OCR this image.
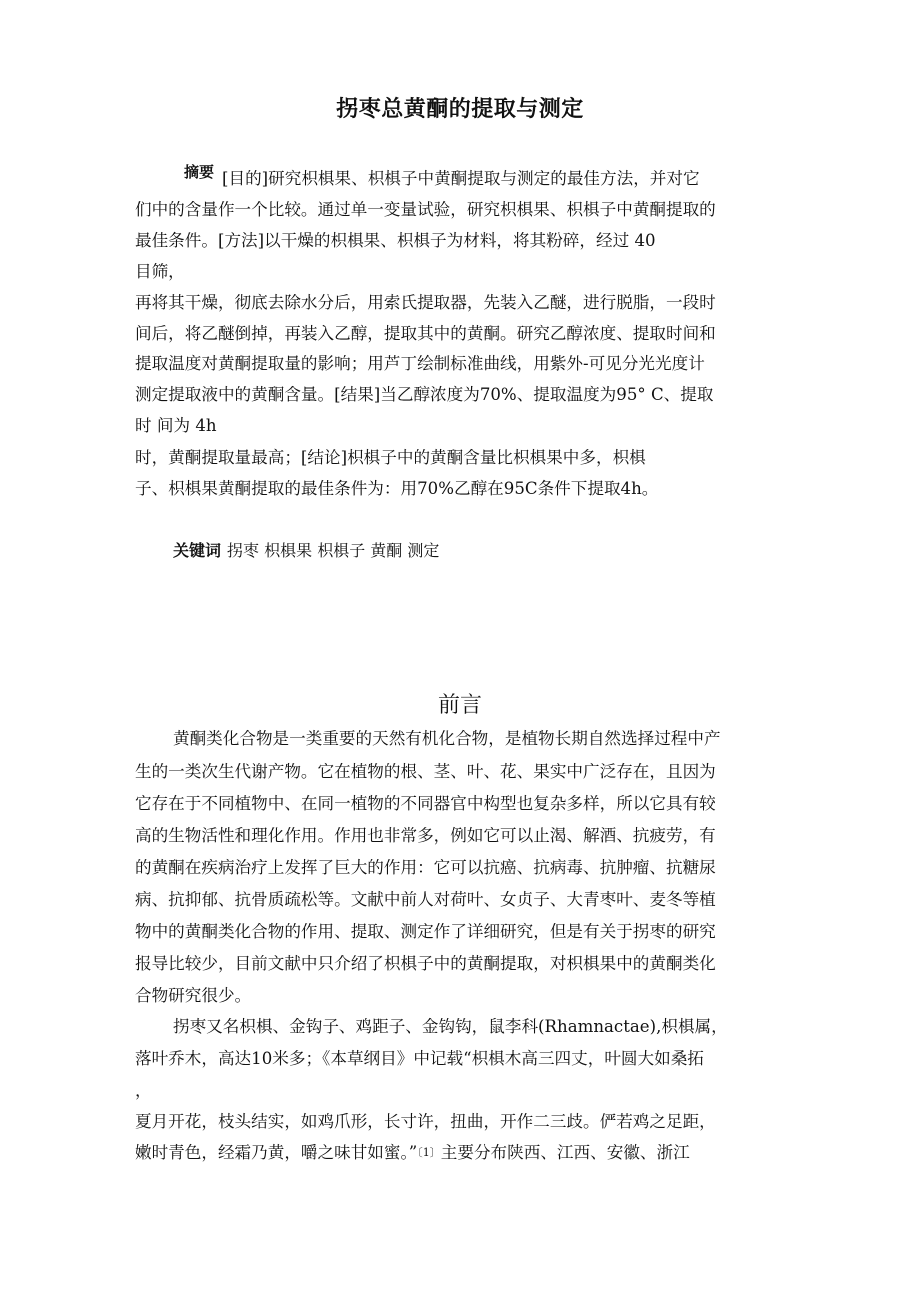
拐枣总黄酮的提取与测定
摘要 [目的]研究枳椇果、枳椇子中黄酮提取与测定的最佳方法，并对它
们中的含量作一个比较。通过单一变量试验，研究枳椇果、枳椇子中黄酮提取的
最佳条件。[方法]以干燥的枳椇果、枳椇子为材料，将其粉碎，经过 40
目筛，
再将其干燥，彻底去除水分后，用索氏提取器，先装入乙醚，进行脱脂，一段时
间后，将乙醚倒掉，再装入乙醇，提取其中的黄酮。研究乙醇浓度、提取时间和
提取温度对黄酮提取量的影响；用芦丁绘制标准曲线，用紫外-可见分光光度计
测定提取液中的黄酮含量。[结果]当乙醇浓度为70%、提取温度为95° C、提取
时 间为 4h
时，黄酮提取量最高；[结论]枳椇子中的黄酮含量比枳椇果中多，枳椇
子、枳椇果黄酮提取的最佳条件为：用70%乙醇在95C条件下提取4h。
关键词 拐枣 枳椇果 枳椇子 黄酮 测定
前言
黄酮类化合物是一类重要的天然有机化合物，是植物长期自然选择过程中产
生的一类次生代谢产物。它在植物的根、茎、叶、花、果实中广泛存在，且因为
它存在于不同植物中、在同一植物的不同器官中构型也复杂多样，所以它具有较
高的生物活性和理化作用。作用也非常多，例如它可以止渴、解酒、抗疲劳，有
的黄酮在疾病治疗上发挥了巨大的作用：它可以抗癌、抗病毒、抗肿瘤、抗糖尿
病、抗抑郁、抗骨质疏松等。文献中前人对荷叶、女贞子、大青枣叶、麦冬等植
物中的黄酮类化合物的作用、提取、测定作了详细研究，但是有关于拐枣的研究
报导比较少，目前文献中只介绍了枳椇子中的黄酮提取，对枳椇果中的黄酮类化
合物研究很少。
拐枣又名枳椇、金钩子、鸡距子、金钩钩，鼠李科(Rhamnactae),枳椇属，
落叶乔木，高达10米多；《本草纲目》中记载“枳椇木高三四丈，叶圆大如桑拓
，
夏月开花，枝头结实，如鸡爪形，长寸许，扭曲，开作二三歧。俨若鸡之足距，
嫩时青色，经霜乃黄，嚼之味甘如蜜。”〔1〕主要分布陕西、江西、安徽、浙江
